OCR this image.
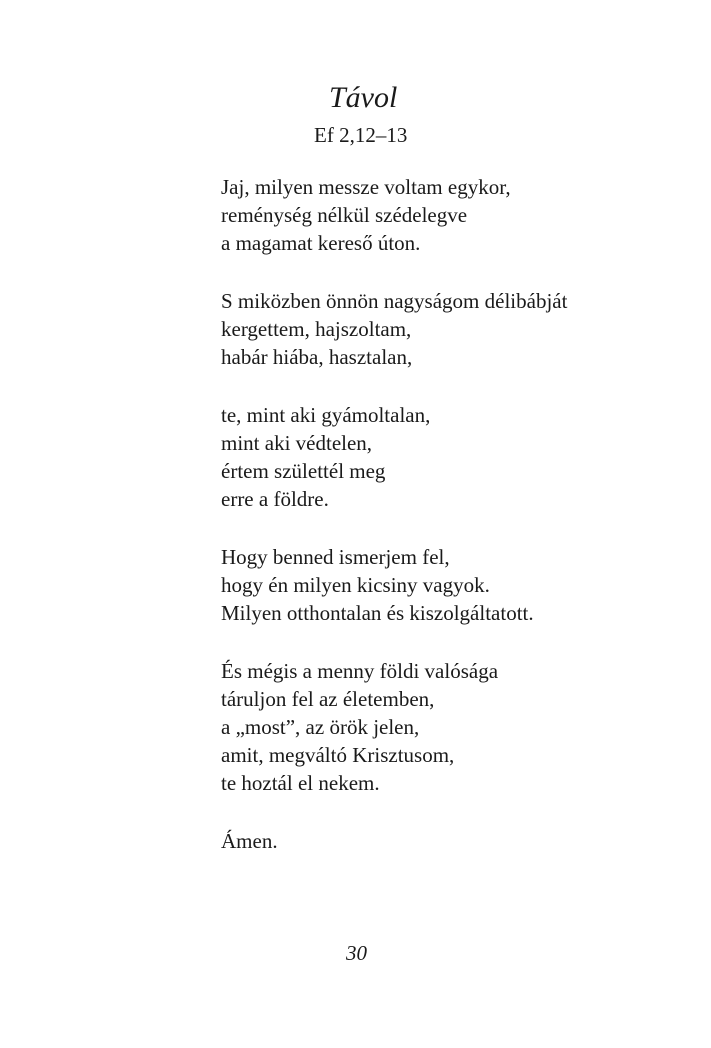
Távol
Ef 2,12–13
Jaj, milyen messze voltam egykor,
reménység nélkül szédelegve
a magamat kereső úton.
S miközben önnön nagyságom délibábját
kergettem, hajszoltam,
habár hiába, hasztalan,
te, mint aki gyámoltalan,
mint aki védtelen,
értem születtél meg
erre a földre.
Hogy benned ismerjem fel,
hogy én milyen kicsiny vagyok.
Milyen otthontalan és kiszolgáltatott.
És mégis a menny földi valósága
táruljon fel az életemben,
a „most”, az örök jelen,
amit, megváltó Krisztusom,
te hoztál el nekem.
Ámen.
30
